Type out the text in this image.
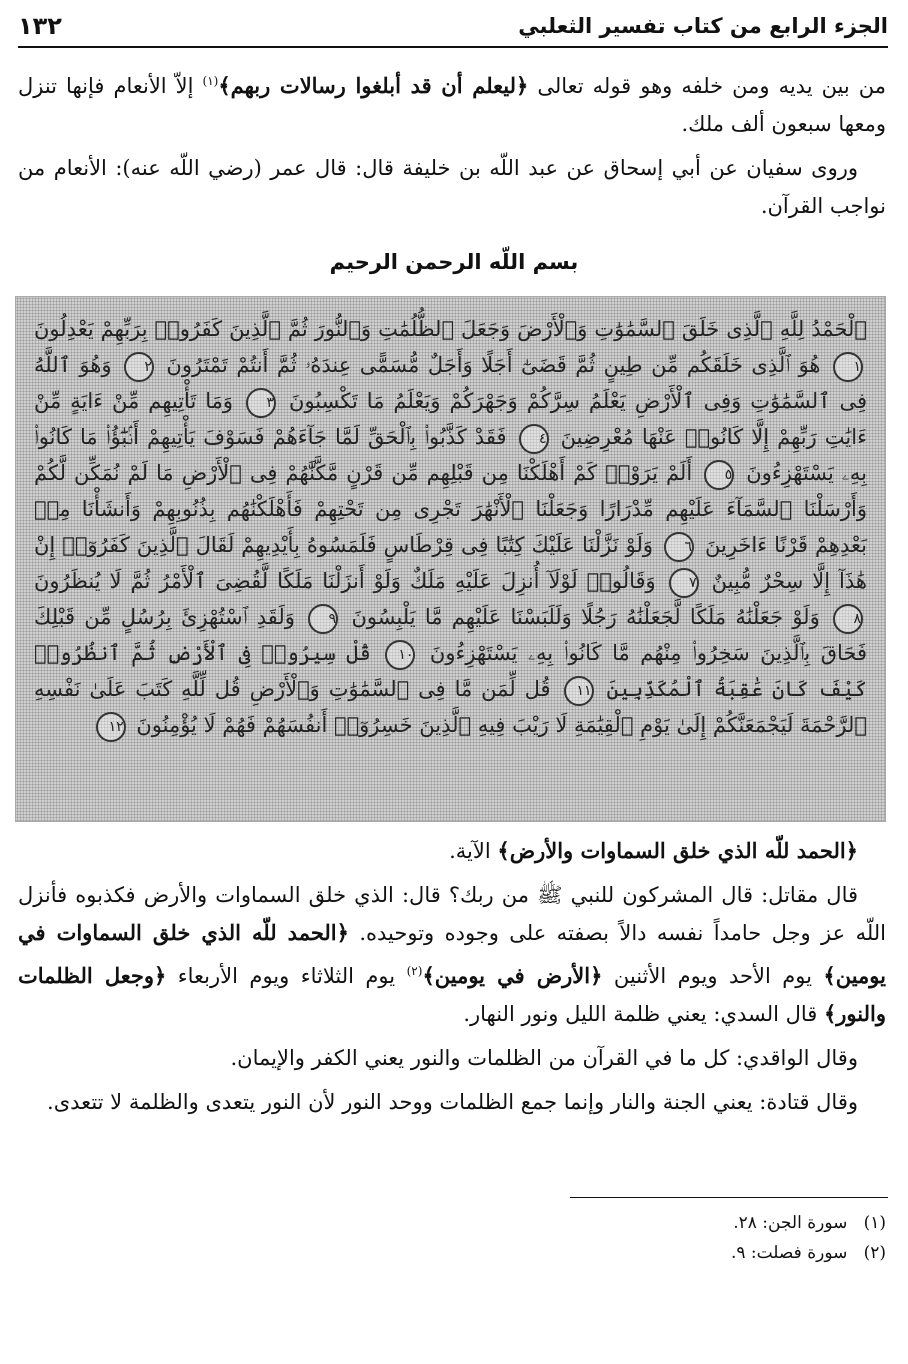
١٣٢	الجزء الرابع من كتاب تفسير الثعلبي

من بين يديه ومن خلفه وهو قوله تعالى ﴿ليعلم أن قد أبلغوا رسالات ربهم﴾$^{(١)}$ إلاّ الأنعام فإنها تنزل ومعها سبعون ألف ملك.

وروى سفيان عن أبي إسحاق عن عبد اللّه بن خليفة قال: قال عمر (رضي اللّه عنه): الأنعام من نواجب القرآن.

بسم اللّه الرحمن الرحيم
ٱلْحَمْدُ لِلَّهِ ٱلَّذِى خَلَقَ ٱلسَّمَٰوَٰتِ وَٱلْأَرْضَ وَجَعَلَ ٱلظُّلُمَٰتِ وَٱلنُّورَ ثُمَّ ٱلَّذِينَ كَفَرُوا۟ بِرَبِّهِمْ يَعْدِلُونَ ١ هُوَ ٱلَّذِى خَلَقَكُم مِّن طِينٍ ثُمَّ قَضَىٰٓ أَجَلًا وَأَجَلٌ مُّسَمًّى عِندَهُۥ ثُمَّ أَنتُمْ تَمْتَرُونَ ٢ وَهُوَ ٱللَّهُ فِى ٱلسَّمَٰوَٰتِ وَفِى ٱلْأَرْضِ يَعْلَمُ سِرَّكُمْ وَجَهْرَكُمْ وَيَعْلَمُ مَا تَكْسِبُونَ ٣ وَمَا تَأْتِيهِم مِّنْ ءَايَةٍ مِّنْ ءَايَٰتِ رَبِّهِمْ إِلَّا كَانُوا۟ عَنْهَا مُعْرِضِينَ ٤ فَقَدْ كَذَّبُوا۟ بِٱلْحَقِّ لَمَّا جَآءَهُمْ فَسَوْفَ يَأْتِيهِمْ أَنۢبَٰٓؤُا۟ مَا كَانُوا۟ بِهِۦ يَسْتَهْزِءُونَ ٥ أَلَمْ يَرَوْا۟ كَمْ أَهْلَكْنَا مِن قَبْلِهِم مِّن قَرْنٍ مَّكَّنَّٰهُمْ فِى ٱلْأَرْضِ مَا لَمْ نُمَكِّن لَّكُمْ وَأَرْسَلْنَا ٱلسَّمَآءَ عَلَيْهِم مِّدْرَارًا وَجَعَلْنَا ٱلْأَنْهَٰرَ تَجْرِى مِن تَحْتِهِمْ فَأَهْلَكْنَٰهُم بِذُنُوبِهِمْ وَأَنشَأْنَا مِنۢ بَعْدِهِمْ قَرْنًا ءَاخَرِينَ ٦ وَلَوْ نَزَّلْنَا عَلَيْكَ كِتَٰبًا فِى قِرْطَاسٍ فَلَمَسُوهُ بِأَيْدِيهِمْ لَقَالَ ٱلَّذِينَ كَفَرُوٓا۟ إِنْ هَٰذَآ إِلَّا سِحْرٌ مُّبِينٌ ٧ وَقَالُوا۟ لَوْلَآ أُنزِلَ عَلَيْهِ مَلَكٌ وَلَوْ أَنزَلْنَا مَلَكًا لَّقُضِىَ ٱلْأَمْرُ ثُمَّ لَا يُنظَرُونَ ٨ وَلَوْ جَعَلْنَٰهُ مَلَكًا لَّجَعَلْنَٰهُ رَجُلًا وَلَلَبَسْنَا عَلَيْهِم مَّا يَلْبِسُونَ ٩ وَلَقَدِ ٱسْتُهْزِئَ بِرُسُلٍ مِّن قَبْلِكَ فَحَاقَ بِٱلَّذِينَ سَخِرُوا۟ مِنْهُم مَّا كَانُوا۟ بِهِۦ يَسْتَهْزِءُونَ ١٠ قُلْ سِيرُوا۟ فِى ٱلْأَرْضِ ثُمَّ ٱنظُرُوا۟ كَيْفَ كَانَ عَٰقِبَةُ ٱلْمُكَذِّبِينَ ١١ قُل لِّمَن مَّا فِى ٱلسَّمَٰوَٰتِ وَٱلْأَرْضِ قُل لِّلَّهِ كَتَبَ عَلَىٰ نَفْسِهِ ٱلرَّحْمَةَ لَيَجْمَعَنَّكُمْ إِلَىٰ يَوْمِ ٱلْقِيَٰمَةِ لَا رَيْبَ فِيهِ ٱلَّذِينَ خَسِرُوٓا۟ أَنفُسَهُمْ فَهُمْ لَا يُؤْمِنُونَ ١٢

﴿الحمد للّه الذي خلق السماوات والأرض﴾ الآية.

قال مقاتل: قال المشركون للنبي ﷺ من ربك؟ قال: الذي خلق السماوات والأرض فكذبوه فأنزل اللّه عز وجل حامداً نفسه دالاً بصفته على وجوده وتوحيده. ﴿الحمد للّه الذي خلق السماوات في يومين﴾ يوم الأحد ويوم الأثنين ﴿الأرض في يومين﴾$^{(٢)}$ يوم الثلاثاء ويوم الأربعاء ﴿وجعل الظلمات والنور﴾ قال السدي: يعني ظلمة الليل ونور النهار.

وقال الواقدي: كل ما في القرآن من الظلمات والنور يعني الكفر والإيمان.

وقال قتادة: يعني الجنة والنار وإنما جمع الظلمات ووحد النور لأن النور يتعدى والظلمة لا تتعدى.

(١)   سورة الجن: ٢٨.
(٢)   سورة فصلت: ٩.
